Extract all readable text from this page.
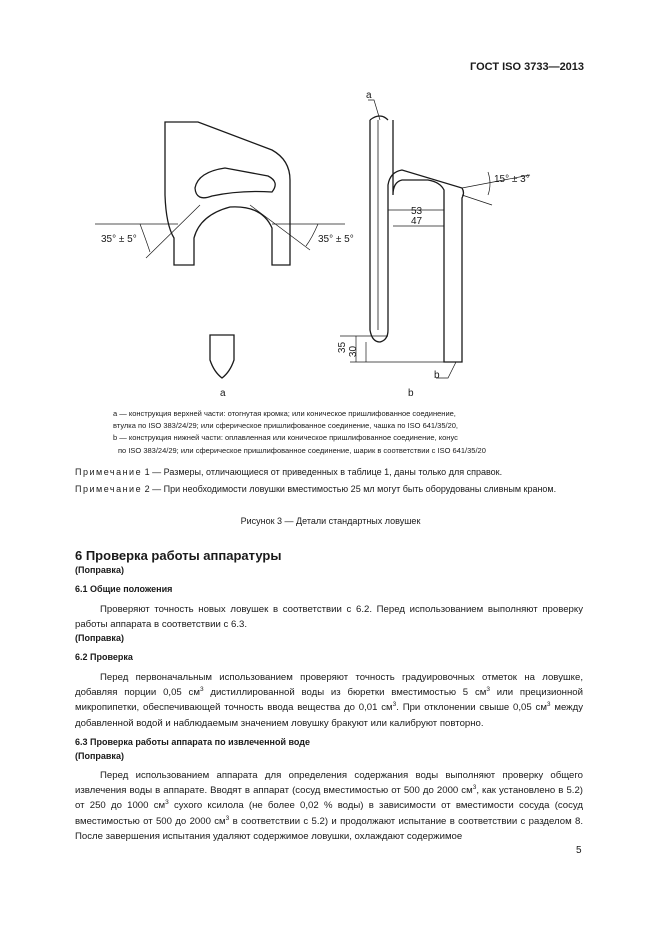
ГОСТ ISO 3733—2013
35° ± 5°	35° ± 5°
15° ± 3°
53
47
35 30
a
b
a	b
a — конструкция верхней части: отогнутая кромка; или коническое пришлифованное соединение,
втулка по ISO 383/24/29; или сферическое пришлифованное соединение, чашка по ISO 641/35/20,
b — конструкция нижней части: оплавленная или коническое пришлифованное соединение, конус
по ISO 383/24/29; или сферическое пришлифованное соединение, шарик в соответствии с ISO 641/35/20
Примечание 1 — Размеры, отличающиеся от приведенных в таблице 1, даны только для справок.
Примечание 2 — При необходимости ловушки вместимостью 25 мл могут быть оборудованы сливным краном.
Рисунок 3 — Детали стандартных ловушек
6 Проверка работы аппаратуры
(Поправка)
6.1 Общие положения
Проверяют точность новых ловушек в соответствии с 6.2. Перед использованием выполняют проверку работы аппарата в соответствии с 6.3.
(Поправка)
6.2 Проверка
Перед первоначальным использованием проверяют точность градуировочных отметок на ловушке, добавляя порции 0,05 $см^3$ дистиллированной воды из бюретки вместимостью 5 $см^3$ или прецизионной микропипетки, обеспечивающей точность ввода вещества до 0,01 $см^3$. При отклонении свыше 0,05 $см^3$ между добавленной водой и наблюдаемым значением ловушку бракуют или калибруют повторно.
6.3 Проверка работы аппарата по извлеченной воде
(Поправка)
Перед использованием аппарата для определения содержания воды выполняют проверку общего извлечения воды в аппарате. Вводят в аппарат (сосуд вместимостью от 500 до 2000 $см^3$, как установлено в 5.2) от 250 до 1000 $см^3$ сухого ксилола (не более 0,02 % воды) в зависимости от вместимости сосуда (сосуд вместимостью от 500 до 2000 $см^3$ в соответствии с 5.2) и продолжают испытание в соответствии с разделом 8. После завершения испытания удаляют содержимое ловушки, охлаждают содержимое
5
